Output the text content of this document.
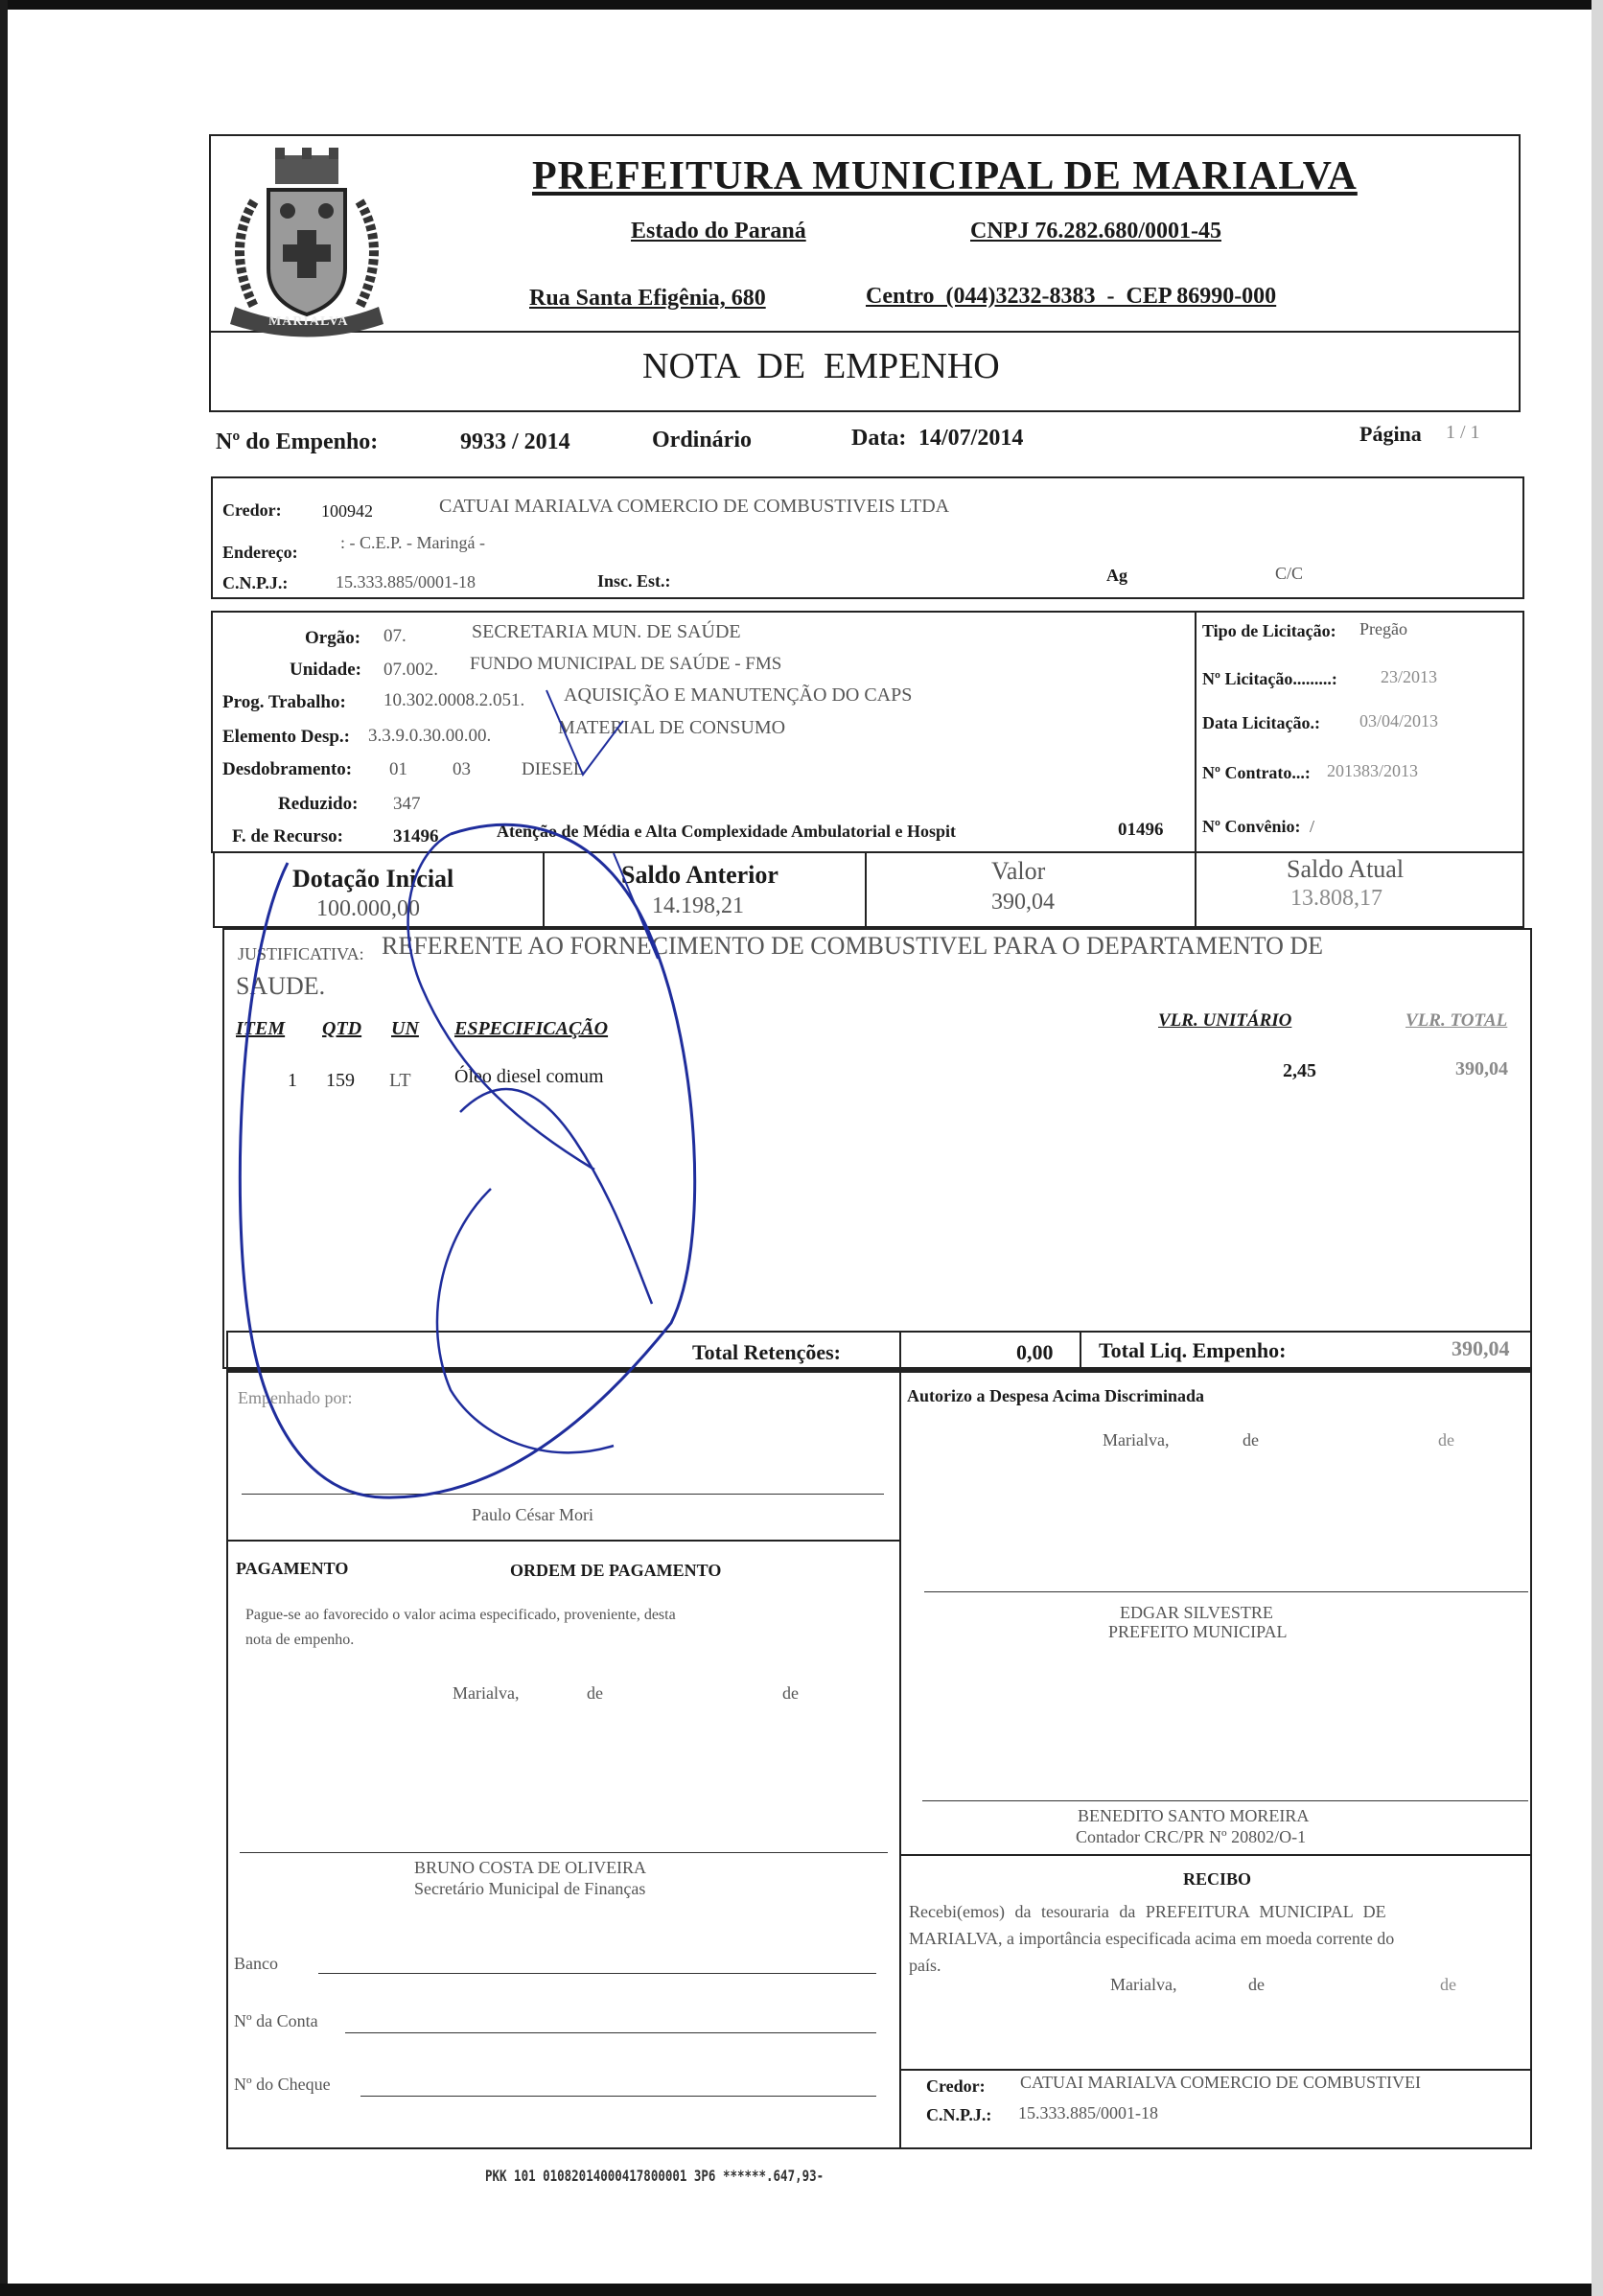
MARIALVA
PREFEITURA MUNICIPAL DE MARIALVA
Estado do Paraná	CNPJ 76.282.680/0001-45
Rua Santa Efigênia, 680	Centro  (044)3232-8383  -  CEP 86990-000
NOTA  DE  EMPENHO
Nº do Empenho:	9933 / 2014	Ordinário	Data: 14/07/2014	Página 1 / 1
Credor: 100942	CATUAI MARIALVA COMERCIO DE COMBUSTIVEIS LTDA
Endereço: : - C.E.P. - Maringá -
C.N.P.J.:	15.333.885/0001-18	Insc. Est.:	Ag	C/C
Orgão: 07.	SECRETARIA MUN. DE SAÚDE
Unidade: 07.002. FUNDO MUNICIPAL DE SAÚDE - FMS
Prog. Trabalho: 10.302.0008.2.051. AQUISIÇÃO E MANUTENÇÃO DO CAPS
Elemento Desp.: 3.3.9.0.30.00.00.	MATERIAL DE CONSUMO
Desdobramento: 01 03	DIESEL
Reduzido: 347
F. de Recurso:	31496	Atenção de Média e Alta Complexidade Ambulatorial e Hospit	01496
Tipo de Licitação: Pregão
Nº Licitação.........:	23/2013
Data Licitação.: 03/04/2013
Nº Contrato...: 201383/2013
Nº Convênio: /
Dotação Inicial
100.000,00
Saldo Anterior
14.198,21
Valor
390,04
Saldo Atual
13.808,17
JUSTIFICATIVA: REFERENTE AO FORNECIMENTO DE COMBUSTIVEL PARA O DEPARTAMENTO DE
SAUDE.
ITEM QTD UN ESPECIFICAÇÃO	VLR. UNITÁRIO	VLR. TOTAL
1 159 LT Óleo diesel comum	2,45	390,04
Total Retenções:	0,00 Total Liq. Empenho:	390,04
Empenhado por:
Paulo César Mori
Autorizo a Despesa Acima Discriminada
Marialva,	de	de
PAGAMENTO	ORDEM DE PAGAMENTO
Pague-se ao favorecido o valor acima especificado, proveniente, desta
nota de empenho.
Marialva,	de	de
EDGAR SILVESTRE
PREFEITO MUNICIPAL
BENEDITO SANTO MOREIRA
Contador CRC/PR Nº 20802/O-1
RECIBO
Recebi(emos) da tesouraria da PREFEITURA MUNICIPAL DE
MARIALVA, a importância especificada acima em moeda corrente do
país.
Marialva,	de	de
BRUNO COSTA DE OLIVEIRA
Secretário Municipal de Finanças
Banco
Nº da Conta
Nº do Cheque	Credor: CATUAI MARIALVA COMERCIO DE COMBUSTIVEI
C.N.P.J.: 15.333.885/0001-18
PKK 101 01082014000417800001 3P6 ******.647,93-
